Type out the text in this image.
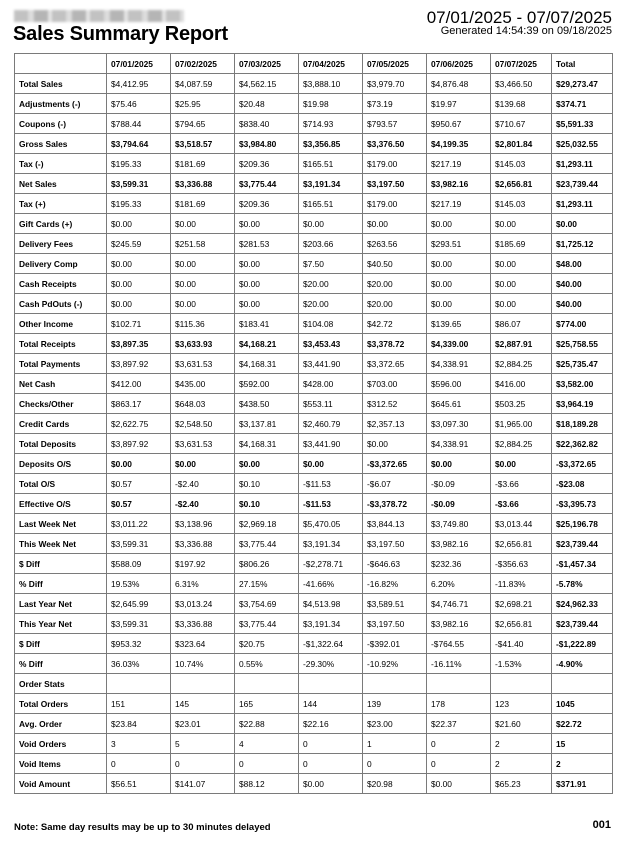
07/01/2025 - 07/07/2025
Sales Summary Report	Generated 14:54:39 on 09/18/2025
	07/01/2025	07/02/2025	07/03/2025	07/04/2025	07/05/2025	07/06/2025	07/07/2025	Total
Total Sales	$4,412.95	$4,087.59	$4,562.15	$3,888.10	$3,979.70	$4,876.48	$3,466.50	$29,273.47
Adjustments (-)	$75.46	$25.95	$20.48	$19.98	$73.19	$19.97	$139.68	$374.71
Coupons (-)	$788.44	$794.65	$838.40	$714.93	$793.57	$950.67	$710.67	$5,591.33
Gross Sales	$3,794.64	$3,518.57	$3,984.80	$3,356.85	$3,376.50	$4,199.35	$2,801.84	$25,032.55
Tax (-)	$195.33	$181.69	$209.36	$165.51	$179.00	$217.19	$145.03	$1,293.11
Net Sales	$3,599.31	$3,336.88	$3,775.44	$3,191.34	$3,197.50	$3,982.16	$2,656.81	$23,739.44
Tax (+)	$195.33	$181.69	$209.36	$165.51	$179.00	$217.19	$145.03	$1,293.11
Gift Cards (+)	$0.00	$0.00	$0.00	$0.00	$0.00	$0.00	$0.00	$0.00
Delivery Fees	$245.59	$251.58	$281.53	$203.66	$263.56	$293.51	$185.69	$1,725.12
Delivery Comp	$0.00	$0.00	$0.00	$7.50	$40.50	$0.00	$0.00	$48.00
Cash Receipts	$0.00	$0.00	$0.00	$20.00	$20.00	$0.00	$0.00	$40.00
Cash PdOuts (-)	$0.00	$0.00	$0.00	$20.00	$20.00	$0.00	$0.00	$40.00
Other Income	$102.71	$115.36	$183.41	$104.08	$42.72	$139.65	$86.07	$774.00
Total Receipts	$3,897.35	$3,633.93	$4,168.21	$3,453.43	$3,378.72	$4,339.00	$2,887.91	$25,758.55
Total Payments	$3,897.92	$3,631.53	$4,168.31	$3,441.90	$3,372.65	$4,338.91	$2,884.25	$25,735.47
Net Cash	$412.00	$435.00	$592.00	$428.00	$703.00	$596.00	$416.00	$3,582.00
Checks/Other	$863.17	$648.03	$438.50	$553.11	$312.52	$645.61	$503.25	$3,964.19
Credit Cards	$2,622.75	$2,548.50	$3,137.81	$2,460.79	$2,357.13	$3,097.30	$1,965.00	$18,189.28
Total Deposits	$3,897.92	$3,631.53	$4,168.31	$3,441.90	$0.00	$4,338.91	$2,884.25	$22,362.82
Deposits O/S	$0.00	$0.00	$0.00	$0.00	-$3,372.65	$0.00	$0.00	-$3,372.65
Total O/S	$0.57	-$2.40	$0.10	-$11.53	-$6.07	-$0.09	-$3.66	-$23.08
Effective O/S	$0.57	-$2.40	$0.10	-$11.53	-$3,378.72	-$0.09	-$3.66	-$3,395.73
Last Week Net	$3,011.22	$3,138.96	$2,969.18	$5,470.05	$3,844.13	$3,749.80	$3,013.44	$25,196.78
This Week Net	$3,599.31	$3,336.88	$3,775.44	$3,191.34	$3,197.50	$3,982.16	$2,656.81	$23,739.44
$ Diff	$588.09	$197.92	$806.26	-$2,278.71	-$646.63	$232.36	-$356.63	-$1,457.34
% Diff	19.53%	6.31%	27.15%	-41.66%	-16.82%	6.20%	-11.83%	-5.78%
Last Year Net	$2,645.99	$3,013.24	$3,754.69	$4,513.98	$3,589.51	$4,746.71	$2,698.21	$24,962.33
This Year Net	$3,599.31	$3,336.88	$3,775.44	$3,191.34	$3,197.50	$3,982.16	$2,656.81	$23,739.44
$ Diff	$953.32	$323.64	$20.75	-$1,322.64	-$392.01	-$764.55	-$41.40	-$1,222.89
% Diff	36.03%	10.74%	0.55%	-29.30%	-10.92%	-16.11%	-1.53%	-4.90%
Order Stats								
Total Orders	151	145	165	144	139	178	123	1045
Avg. Order	$23.84	$23.01	$22.88	$22.16	$23.00	$22.37	$21.60	$22.72
Void Orders	3	5	4	0	1	0	2	15
Void Items	0	0	0	0	0	0	2	2
Void Amount	$56.51	$141.07	$88.12	$0.00	$20.98	$0.00	$65.23	$371.91
Note: Same day results may be up to 30 minutes delayed	001
